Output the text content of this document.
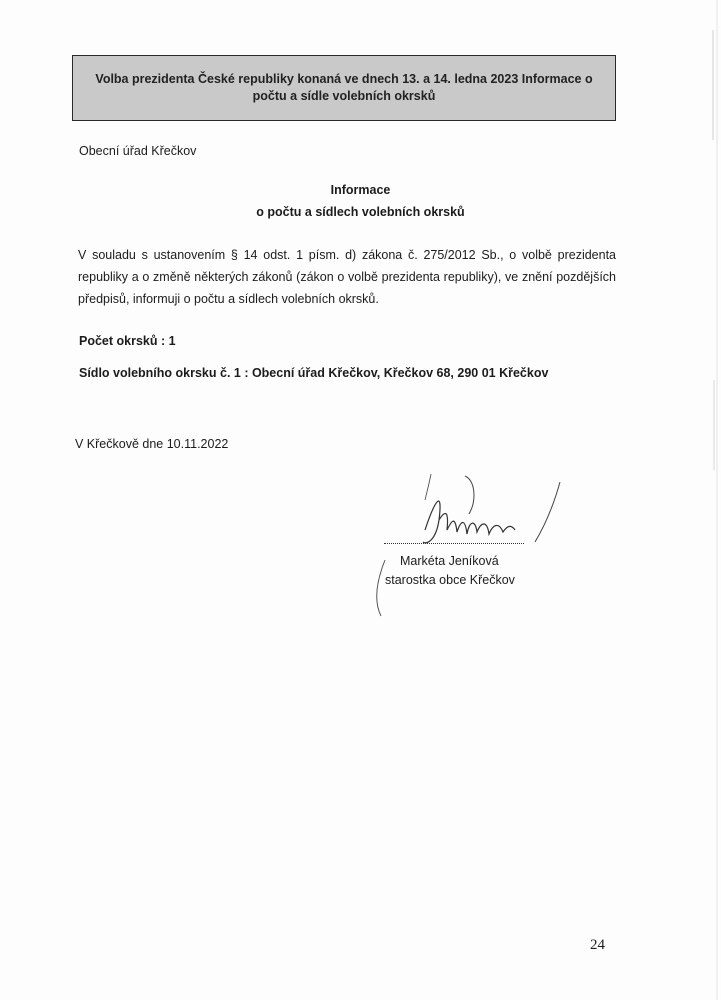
Volba prezidenta České republiky konaná ve dnech 13. a 14. ledna 2023 Informace o počtu a sídle volebních okrsků
Obecní úřad Křečkov
Informace
o počtu a sídlech volebních okrsků
V souladu s ustanovením § 14 odst. 1 písm. d) zákona č. 275/2012 Sb., o volbě prezidenta republiky a o změně některých zákonů (zákon o volbě prezidenta republiky), ve znění pozdějších předpisů, informuji o počtu a sídlech volebních okrsků.
Počet okrsků : 1
Sídlo volebního okrsku č. 1 : Obecní úřad Křečkov, Křečkov 68, 290 01 Křečkov
V Křečkově dne 10.11.2022
Markéta Jeníková
starostka obce Křečkov
24
